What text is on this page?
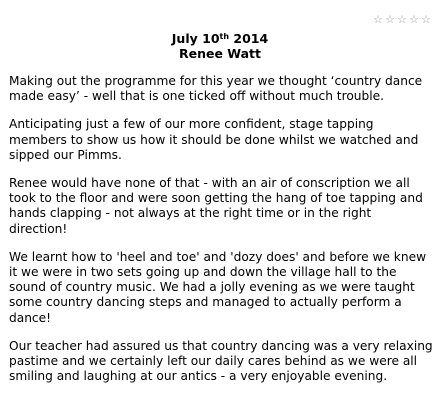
☆ ☆ ☆ ☆ ☆
July 10th 2014
Renee Watt

Making out the programme for this year we thought ‘country dance made easy’ - well that is one ticked off without much trouble.

Anticipating just a few of our more confident, stage tapping members to show us how it should be done whilst we watched and sipped our Pimms.

Renee would have none of that - with an air of conscription we all took to the floor and were soon getting the hang of toe tapping and hands clapping - not always at the right time or in the right direction!

We learnt how to 'heel and toe' and 'dozy does' and before we knew it we were in two sets going up and down the village hall to the sound of country music. We had a jolly evening as we were taught some country dancing steps and managed to actually perform a dance!

Our teacher had assured us that country dancing was a very relaxing pastime and we certainly left our daily cares behind as we were all smiling and laughing at our antics - a very enjoyable evening.
